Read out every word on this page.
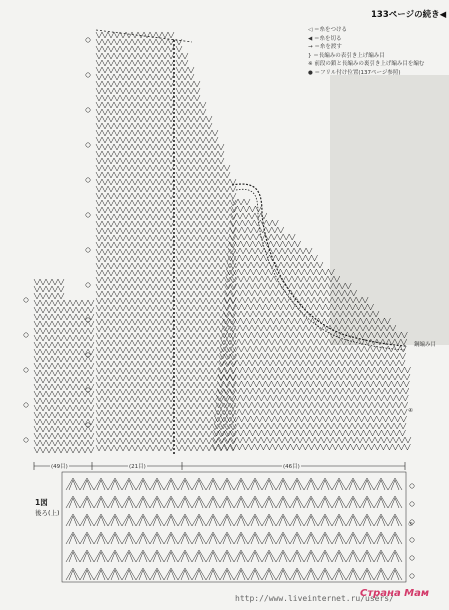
133ページの続き◀
◁ ＝糸をつける
◀ ＝糸を切る
→ ＝糸を渡す
} ＝長編みの表引き上げ編み目
※ 前段の鎖と長編みの裏引き上げ編み目を編む
● ＝フリル付け位置(137ページ参照)
(49目)	(21目)	(46目)
鋼編み目
⑤
④
1図
後ろ(上)
http://www.liveinternet.ru/users/
Страна Мам
